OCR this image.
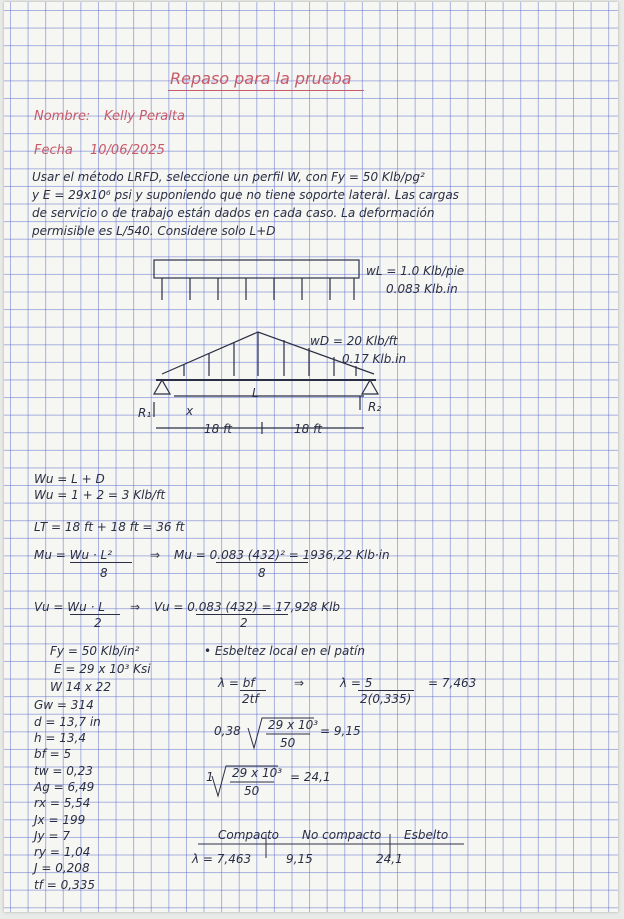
Repaso para la prueba
Nombre: Kelly Peralta
Fecha 10/06/2025
Usar el método LRFD, seleccione un perfil W, con Fy = 50 Klb/pg²
y E = 29x10⁶ psi y suponiendo que no tiene soporte lateral. Las cargas
de servicio o de trabajo están dados en cada caso. La deformación
permisible es L/540. Considere solo L+D
wL = 1.0 Klb/pie
0.083 Klb.in
wD = 20 Klb/ft
0.17 Klb.in
L
x
R₁	R₂
18 ft	18 ft
Wu = L + D
Wu = 1 + 2 = 3 Klb/ft
LT = 18 ft + 18 ft = 36 ft
Mu = Wu · L²
8
⇒ Mu = 0.083 (432)² = 1936,22 Klb·in
8
Vu = Wu · L
2
⇒ Vu = 0.083 (432) = 17,928 Klb
2
Fy = 50 Klb/in²
E = 29 x 10³ Ksi
W 14 x 22
Gw = 314
d = 13,7 in
h = 13,4
bf = 5
tw = 0,23
Ag = 6,49
rx = 5,54
Jx = 199
Jy = 7
ry = 1,04
J = 0,208
tf = 0,335
• Esbeltez local en el patín
λ = bf
2tf
⇒	λ = 5
2(0,335)
= 7,463
0,38 29 x 10³
50
= 9,15
1 29 x 10³
50
= 24,1
Compacto No compacto Esbelto
λ = 7,463	9,15	24,1
